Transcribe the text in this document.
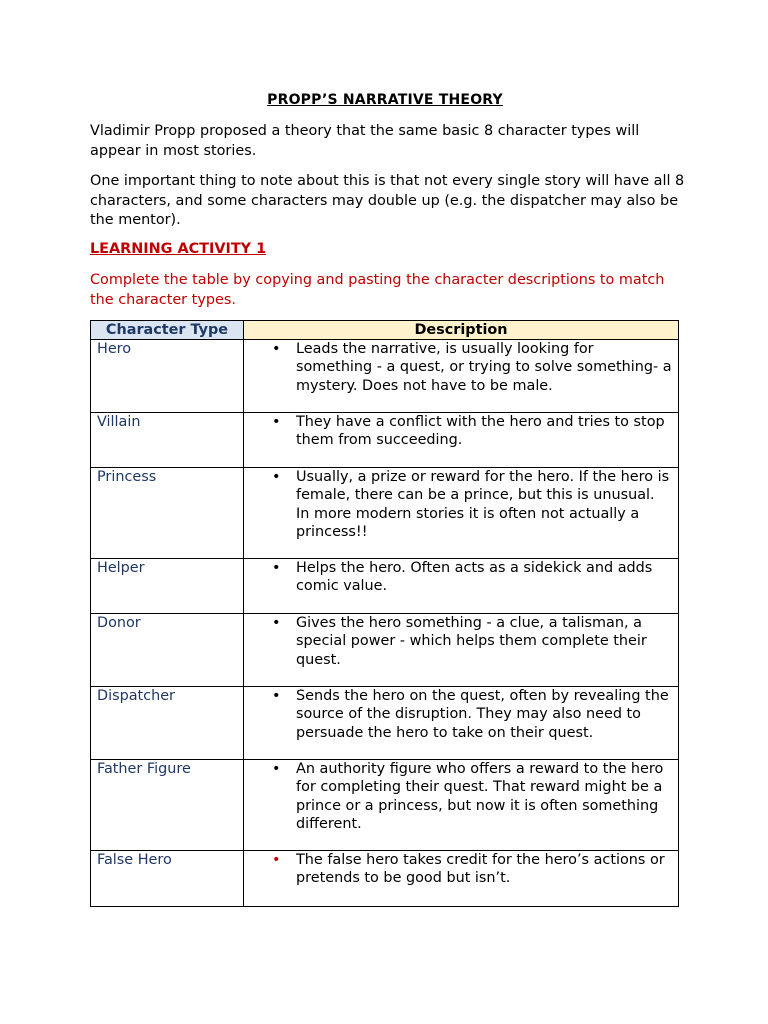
PROPP’S NARRATIVE THEORY
Vladimir Propp proposed a theory that the same basic 8 character types will appear in most stories.
One important thing to note about this is that not every single story will have all 8 characters, and some characters may double up (e.g. the dispatcher may also be the mentor).
LEARNING ACTIVITY 1
Complete the table by copying and pasting the character descriptions to match the character types.
Character Type	Description
Hero	• Leads the narrative, is usually looking for something - a quest, or trying to solve something- a mystery. Does not have to be male.

Villain	• They have a conflict with the hero and tries to stop them from succeeding.

Princess	• Usually, a prize or reward for the hero. If the hero is female, there can be a prince, but this is unusual. In more modern stories it is often not actually a princess!!

Helper	• Helps the hero. Often acts as a sidekick and adds comic value.

Donor	• Gives the hero something - a clue, a talisman, a special power - which helps them complete their quest.

Dispatcher	• Sends the hero on the quest, often by revealing the source of the disruption. They may also need to persuade the hero to take on their quest.

Father Figure	• An authority figure who offers a reward to the hero for completing their quest. That reward might be a prince or a princess, but now it is often something different.

False Hero	• The false hero takes credit for the hero’s actions or pretends to be good but isn’t.
